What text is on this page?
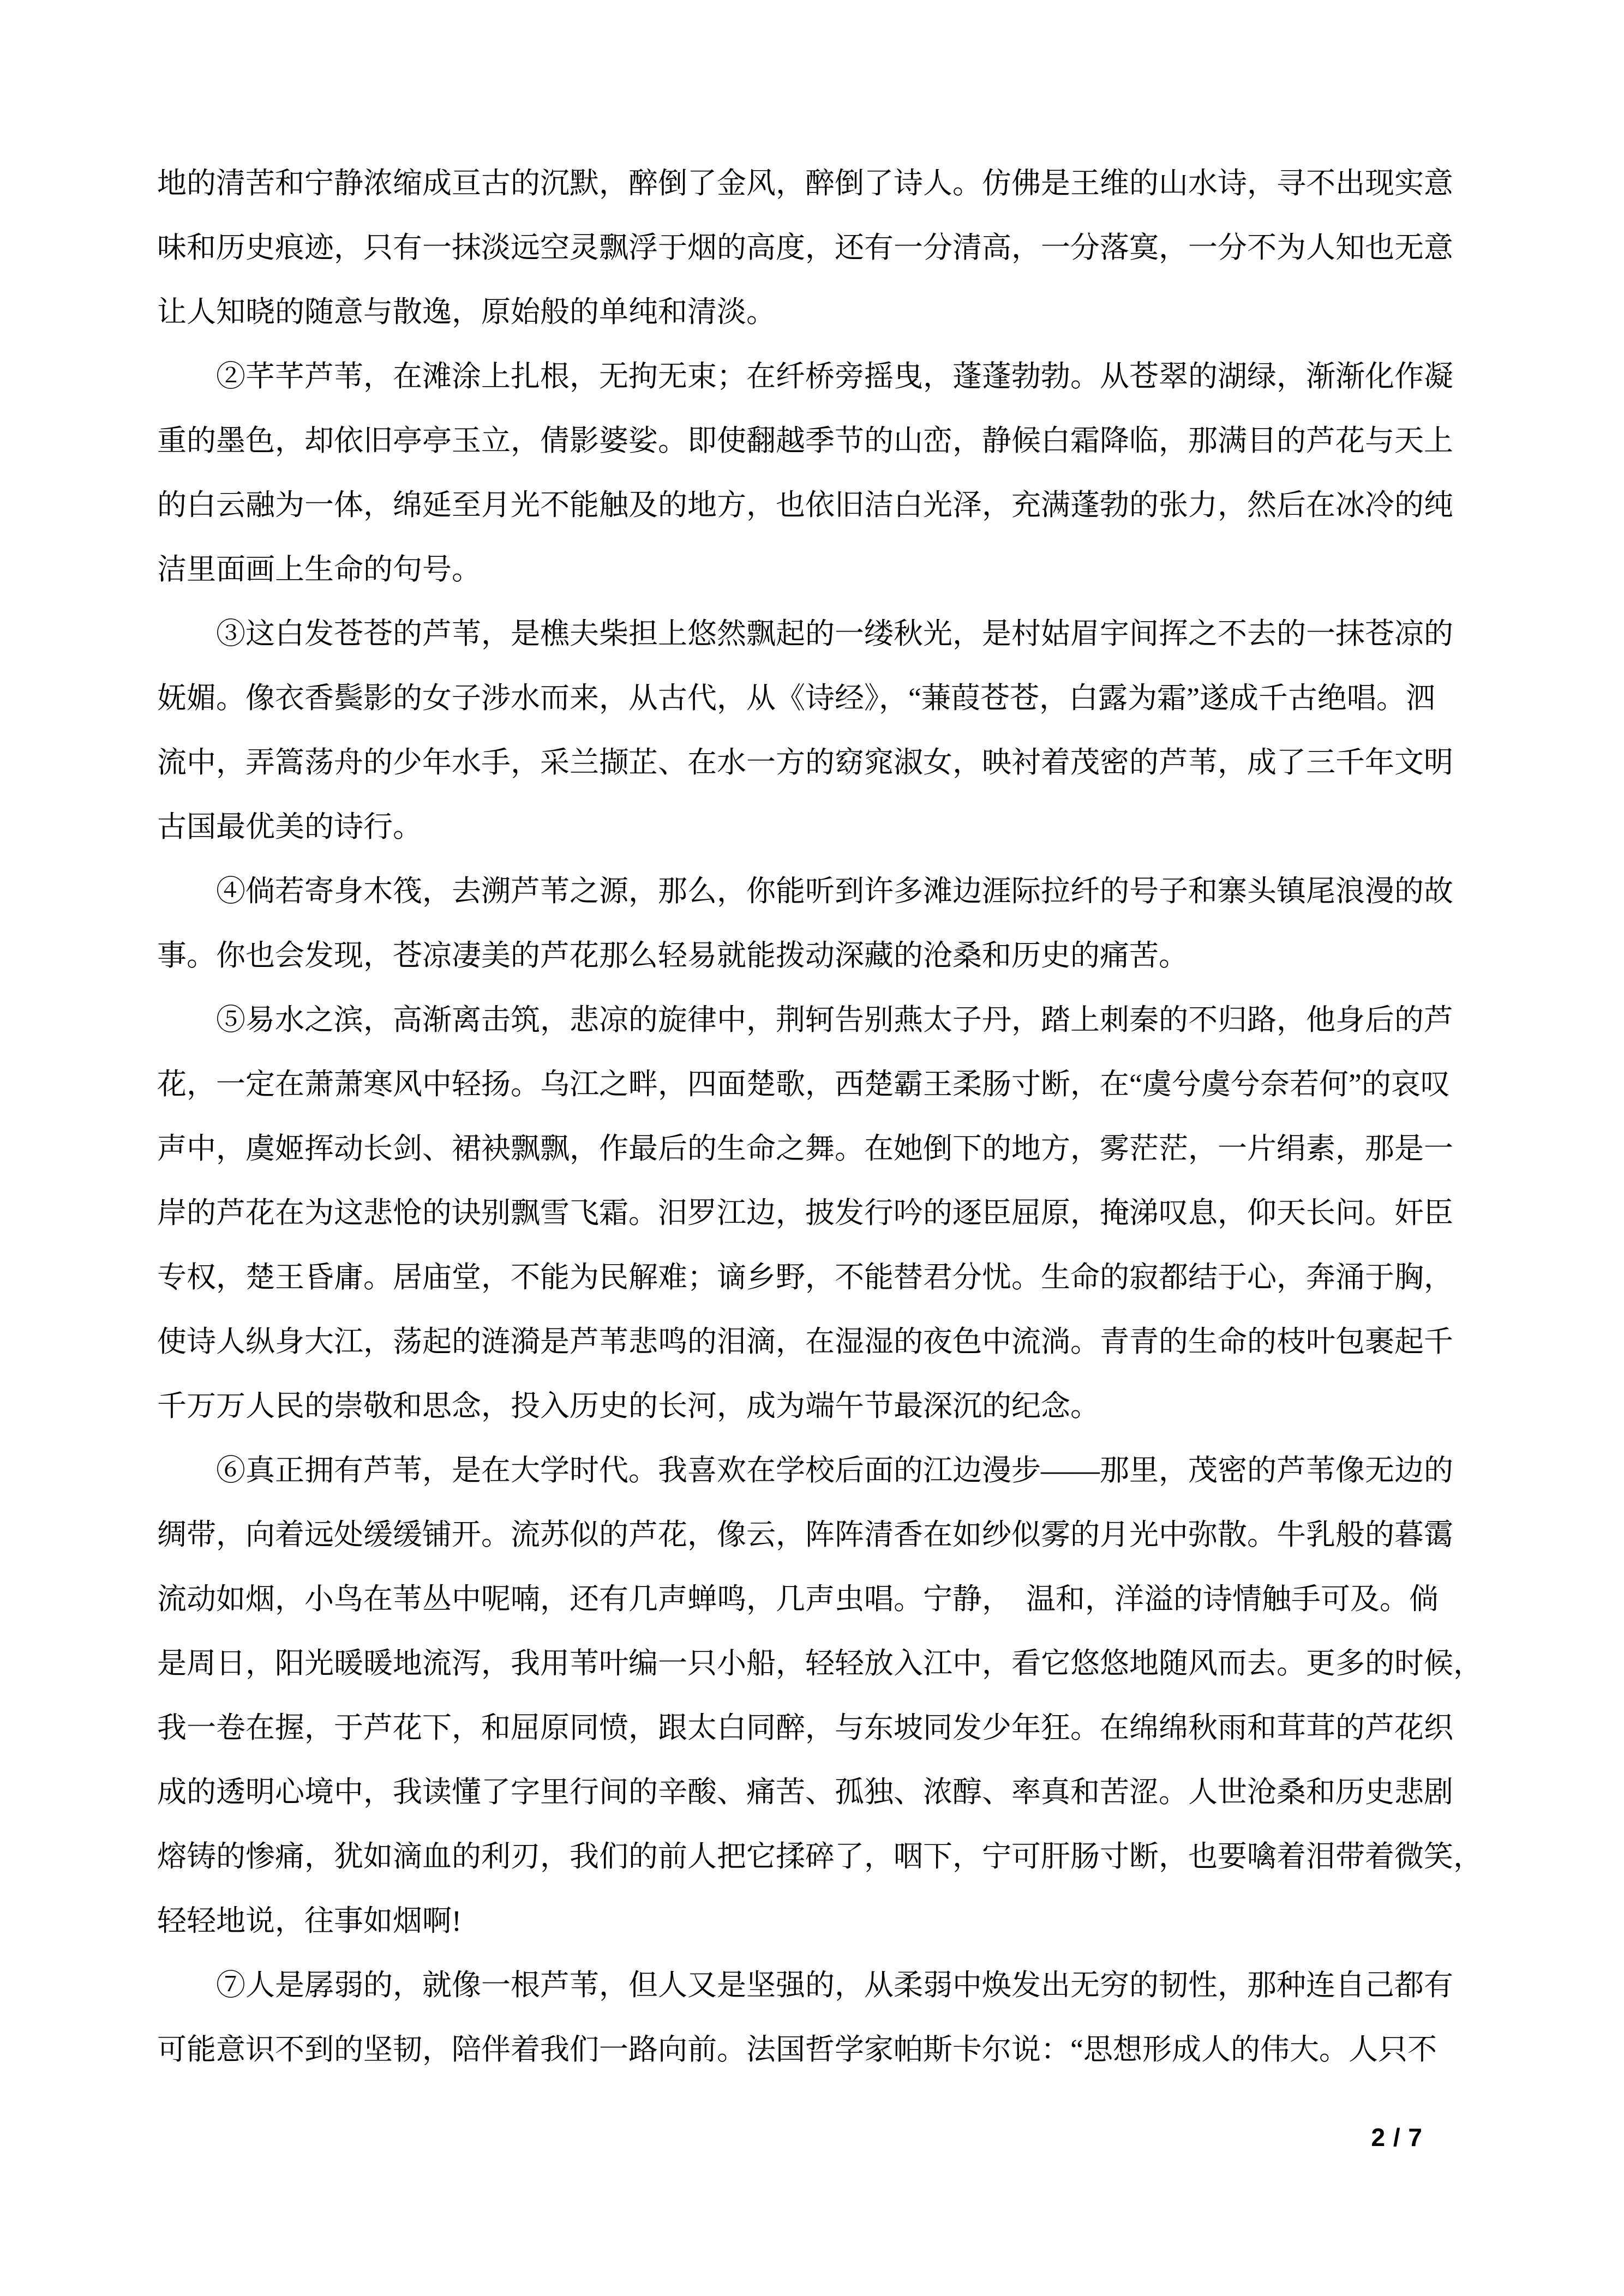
地的清苦和宁静浓缩成亘古的沉默，醉倒了金风，醉倒了诗人。仿佛是王维的山水诗，寻不出现实意
味和历史痕迹，只有一抹淡远空灵飘浮于烟的高度，还有一分清高，一分落寞，一分不为人知也无意
让人知晓的随意与散逸，原始般的单纯和清淡。
②芊芊芦苇，在滩涂上扎根，无拘无束；在纤桥旁摇曳，蓬蓬勃勃。从苍翠的湖绿，渐渐化作凝
重的墨色，却依旧亭亭玉立，倩影婆娑。即使翻越季节的山峦，静候白霜降临，那满目的芦花与天上
的白云融为一体，绵延至月光不能触及的地方，也依旧洁白光泽，充满蓬勃的张力，然后在冰冷的纯
洁里面画上生命的句号。
③这白发苍苍的芦苇，是樵夫柴担上悠然飘起的一缕秋光，是村姑眉宇间挥之不去的一抹苍凉的
妩媚。像衣香鬓影的女子涉水而来，从古代，从《诗经》，“蒹葭苍苍，白露为霜”遂成千古绝唱。泗
流中，弄篙荡舟的少年水手，采兰撷芷、在水一方的窈窕淑女，映衬着茂密的芦苇，成了三千年文明
古国最优美的诗行。
④倘若寄身木筏，去溯芦苇之源，那么，你能听到许多滩边涯际拉纤的号子和寨头镇尾浪漫的故
事。你也会发现，苍凉凄美的芦花那么轻易就能拨动深藏的沧桑和历史的痛苦。
⑤易水之滨，高渐离击筑，悲凉的旋律中，荆轲告别燕太子丹，踏上刺秦的不归路，他身后的芦
花，一定在萧萧寒风中轻扬。乌江之畔，四面楚歌，西楚霸王柔肠寸断，在“虞兮虞兮奈若何”的哀叹
声中，虞姬挥动长剑、裙袂飘飘，作最后的生命之舞。在她倒下的地方，雾茫茫，一片绢素，那是一
岸的芦花在为这悲怆的诀别飘雪飞霜。汨罗江边，披发行吟的逐臣屈原，掩涕叹息，仰天长问。奸臣
专权，楚王昏庸。居庙堂，不能为民解难；谪乡野，不能替君分忧。生命的寂都结于心，奔涌于胸，
使诗人纵身大江，荡起的涟漪是芦苇悲鸣的泪滴，在湿湿的夜色中流淌。青青的生命的枝叶包裹起千
千万万人民的崇敬和思念，投入历史的长河，成为端午节最深沉的纪念。
⑥真正拥有芦苇，是在大学时代。我喜欢在学校后面的江边漫步——那里，茂密的芦苇像无边的
绸带，向着远处缓缓铺开。流苏似的芦花，像云，阵阵清香在如纱似雾的月光中弥散。牛乳般的暮霭
流动如烟，小鸟在苇丛中呢喃，还有几声蝉鸣，几声虫唱。宁静，　温和，洋溢的诗情触手可及。倘
是周日，阳光暖暖地流泻，我用苇叶编一只小船，轻轻放入江中，看它悠悠地随风而去。更多的时候，
我一卷在握，于芦花下，和屈原同愤，跟太白同醉，与东坡同发少年狂。在绵绵秋雨和茸茸的芦花织
成的透明心境中，我读懂了字里行间的辛酸、痛苦、孤独、浓醇、率真和苦涩。人世沧桑和历史悲剧
熔铸的惨痛，犹如滴血的利刃，我们的前人把它揉碎了，咽下，宁可肝肠寸断，也要噙着泪带着微笑，
轻轻地说，往事如烟啊!
⑦人是孱弱的，就像一根芦苇，但人又是坚强的，从柔弱中焕发出无穷的韧性，那种连自己都有
可能意识不到的坚韧，陪伴着我们一路向前。法国哲学家帕斯卡尔说：“思想形成人的伟大。人只不
2 / 7
